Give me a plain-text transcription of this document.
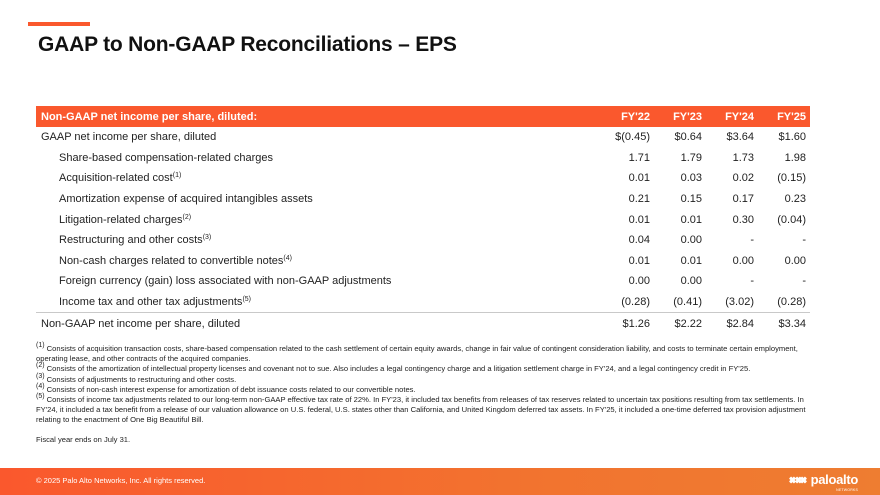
GAAP to Non-GAAP Reconciliations – EPS
Non-GAAP net income per share, diluted:	FY'22	FY'23	FY'24	FY'25
GAAP net income per share, diluted	$(0.45)	$0.64	$3.64	$1.60
Share-based compensation-related charges	1.71	1.79	1.73	1.98
Acquisition-related cost$^{(1)}$	0.01	0.03	0.02	(0.15)
Amortization expense of acquired intangibles assets	0.21	0.15	0.17	0.23
Litigation-related charges$^{(2)}$	0.01	0.01	0.30	(0.04)
Restructuring and other costs$^{(3)}$	0.04	0.00	-	-
Non-cash charges related to convertible notes$^{(4)}$	0.01	0.01	0.00	0.00
Foreign currency (gain) loss associated with non-GAAP adjustments	0.00	0.00	-	-
Income tax and other tax adjustments$^{(5)}$	(0.28)	(0.41)	(3.02)	(0.28)
Non-GAAP net income per share, diluted	$1.26	$2.22	$2.84	$3.34

$^{(1)}$ Consists of acquisition transaction costs, share-based compensation related to the cash settlement of certain equity awards, change in fair value of contingent consideration liability, and costs to terminate certain employment, operating lease, and other contracts of the acquired companies.

$^{(2)}$ Consists of the amortization of intellectual property licenses and covenant not to sue. Also includes a legal contingency charge and a litigation settlement charge in FY'24, and a legal contingency credit in FY'25.

$^{(3)}$ Consists of adjustments to restructuring and other costs.

$^{(4)}$ Consists of non-cash interest expense for amortization of debt issuance costs related to our convertible notes.

$^{(5)}$ Consists of income tax adjustments related to our long-term non-GAAP effective tax rate of 22%. In FY'23, it included tax benefits from releases of tax reserves related to uncertain tax positions resulting from tax settlements. In FY'24, it included a tax benefit from a release of our valuation allowance on U.S. federal, U.S. states other than California, and United Kingdom deferred tax assets. In FY'25, it included a one-time deferred tax provision adjustment relating to the enactment of One Big Beautiful Bill.

Fiscal year ends on July 31.

© 2025 Palo Alto Networks, Inc. All rights reserved.	paloalto
NETWORKS
